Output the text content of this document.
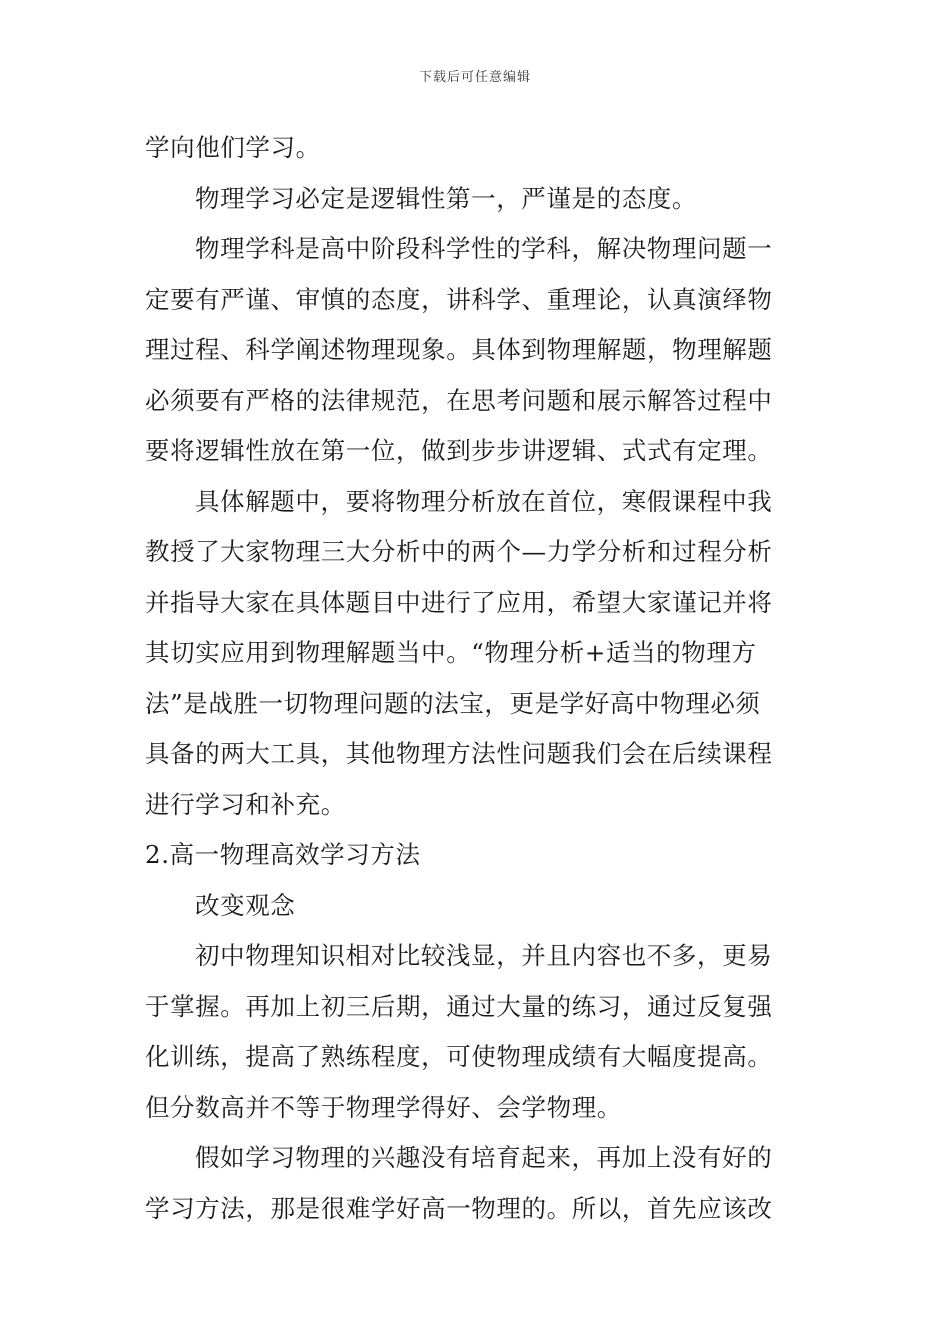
下载后可任意编辑
学向他们学习。
物理学习必定是逻辑性第一，严谨是的态度。
物理学科是高中阶段科学性的学科，解决物理问题一
定要有严谨、审慎的态度，讲科学、重理论，认真演绎物
理过程、科学阐述物理现象。具体到物理解题，物理解题
必须要有严格的法律规范，在思考问题和展示解答过程中
要将逻辑性放在第一位，做到步步讲逻辑、式式有定理。
具体解题中，要将物理分析放在首位，寒假课程中我
教授了大家物理三大分析中的两个—力学分析和过程分析
并指导大家在具体题目中进行了应用，希望大家谨记并将
其切实应用到物理解题当中。“物理分析+适当的物理方
法”是战胜一切物理问题的法宝，更是学好高中物理必须
具备的两大工具，其他物理方法性问题我们会在后续课程
进行学习和补充。
2.高一物理高效学习方法
改变观念
初中物理知识相对比较浅显，并且内容也不多，更易
于掌握。再加上初三后期，通过大量的练习，通过反复强
化训练，提高了熟练程度，可使物理成绩有大幅度提高。
但分数高并不等于物理学得好、会学物理。
假如学习物理的兴趣没有培育起来，再加上没有好的
学习方法，那是很难学好高一物理的。所以，首先应该改
